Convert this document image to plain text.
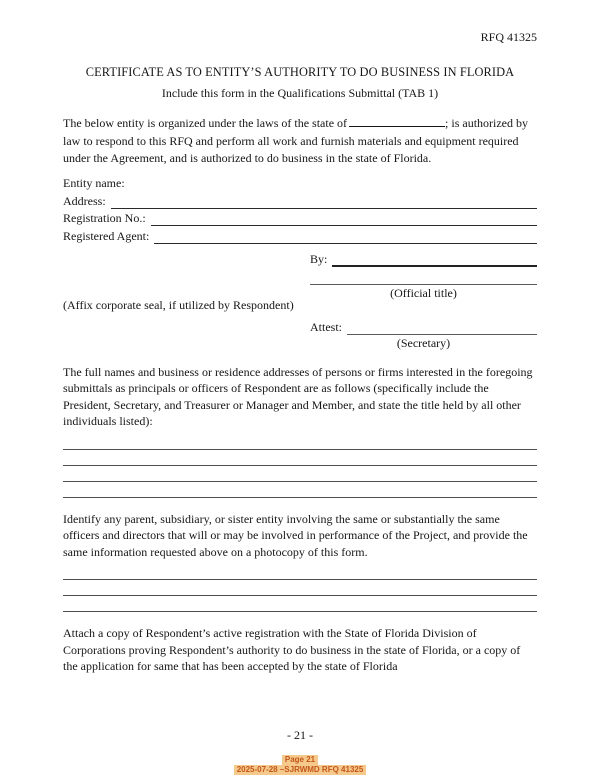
RFQ 41325
CERTIFICATE AS TO ENTITY’S AUTHORITY TO DO BUSINESS IN FLORIDA
Include this form in the Qualifications Submittal (TAB 1)

The below entity is organized under the laws of the state of	; is authorized by law to respond to this RFQ and perform all work and furnish materials and equipment required under the Agreement, and is authorized to do business in the state of Florida.

Entity name:
Address:
Registration No.:
Registered Agent:
(Affix corporate seal, if utilized by Respondent)
By:
(Official title)
Attest:
(Secretary)

The full names and business or residence addresses of persons or firms interested in the foregoing submittals as principals or officers of Respondent are as follows (specifically include the President, Secretary, and Treasurer or Manager and Member, and state the title held by all other individuals listed):

Identify any parent, subsidiary, or sister entity involving the same or substantially the same officers and directors that will or may be involved in performance of the Project, and provide the same information requested above on a photocopy of this form.

Attach a copy of Respondent’s active registration with the State of Florida Division of Corporations proving Respondent’s authority to do business in the state of Florida, or a copy of the application for same that has been accepted by the state of Florida

- 21 -
Page 21
2025-07-28 –SJRWMD RFQ 41325
